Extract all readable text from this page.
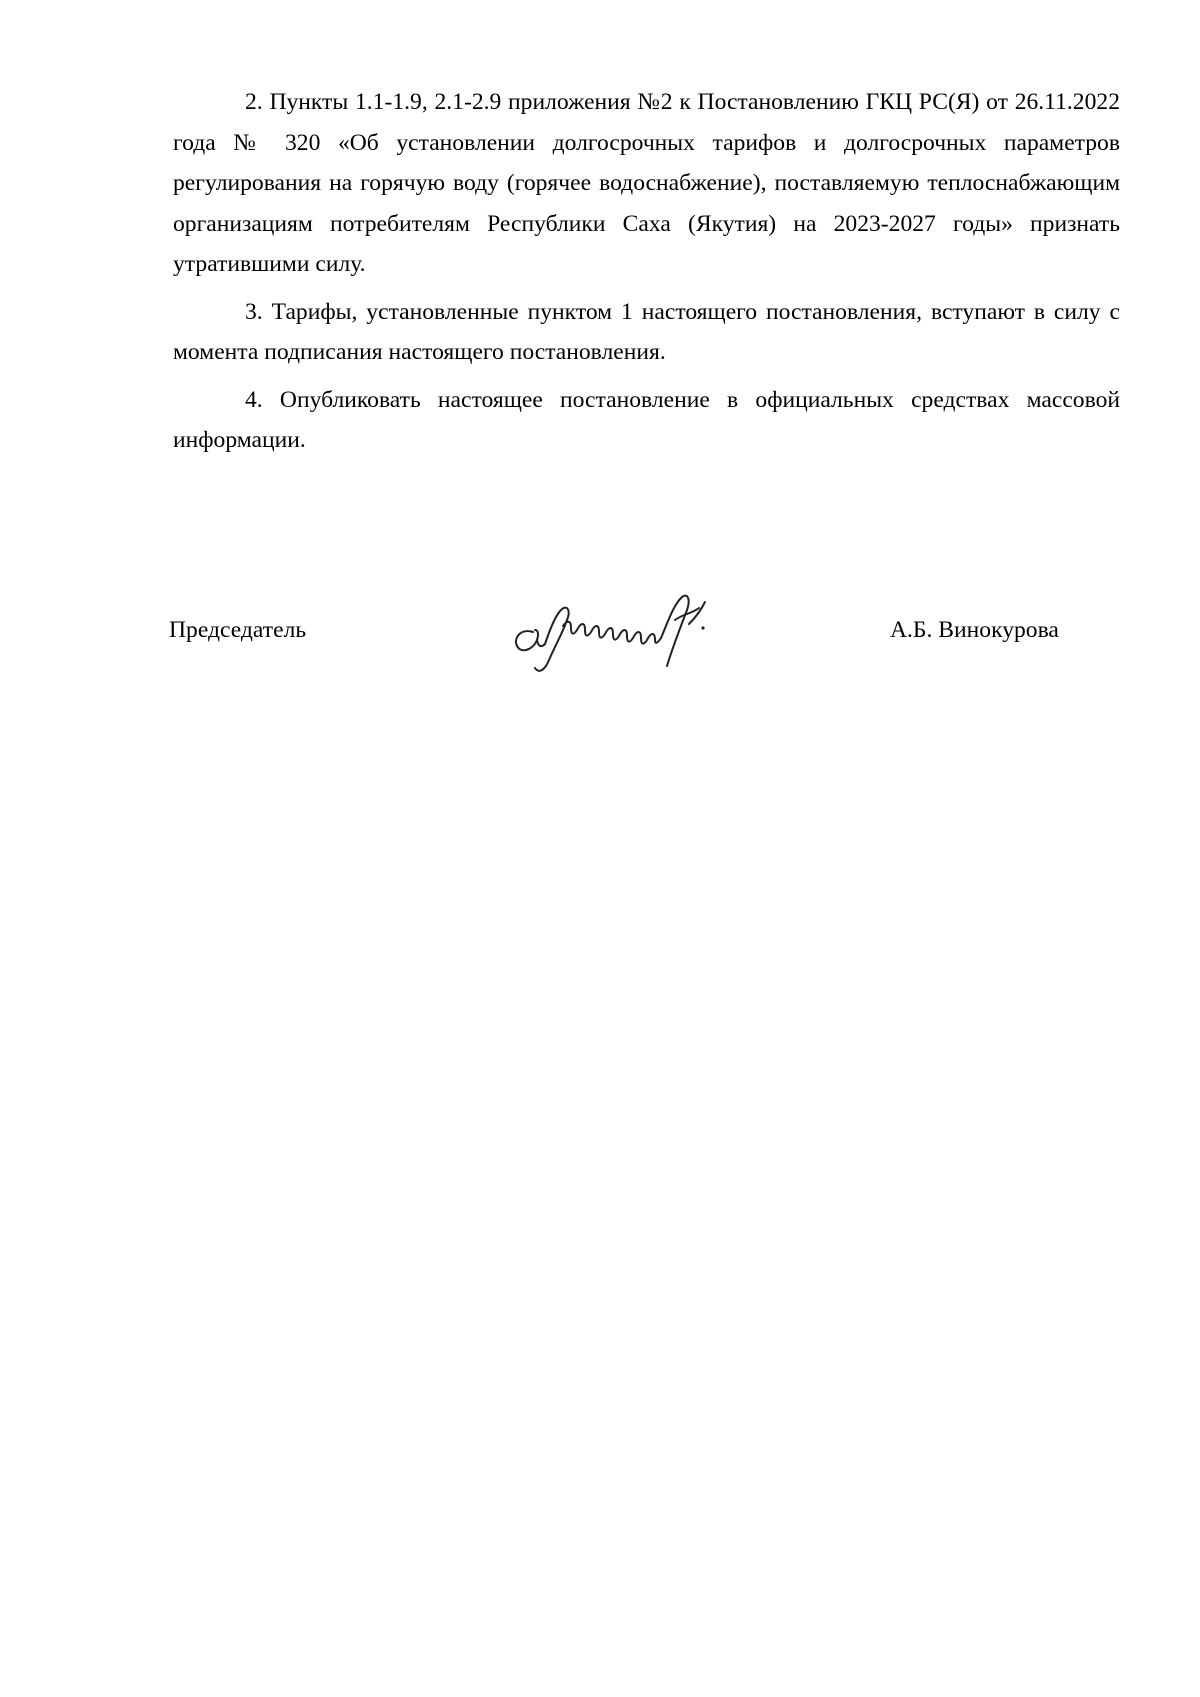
2. Пункты 1.1-1.9, 2.1-2.9 приложения №2 к Постановлению ГКЦ РС(Я) от 26.11.2022 года № 320 «Об установлении долгосрочных тарифов и долгосрочных параметров регулирования на горячую воду (горячее водоснабжение), поставляемую теплоснабжающим организациям потребителям Республики Саха (Якутия) на 2023-2027 годы» признать утратившими силу.

3. Тарифы, установленные пунктом 1 настоящего постановления, вступают в силу с момента подписания настоящего постановления.

4. Опубликовать настоящее постановление в официальных средствах массовой информации.

Председатель	А.Б. Винокурова
